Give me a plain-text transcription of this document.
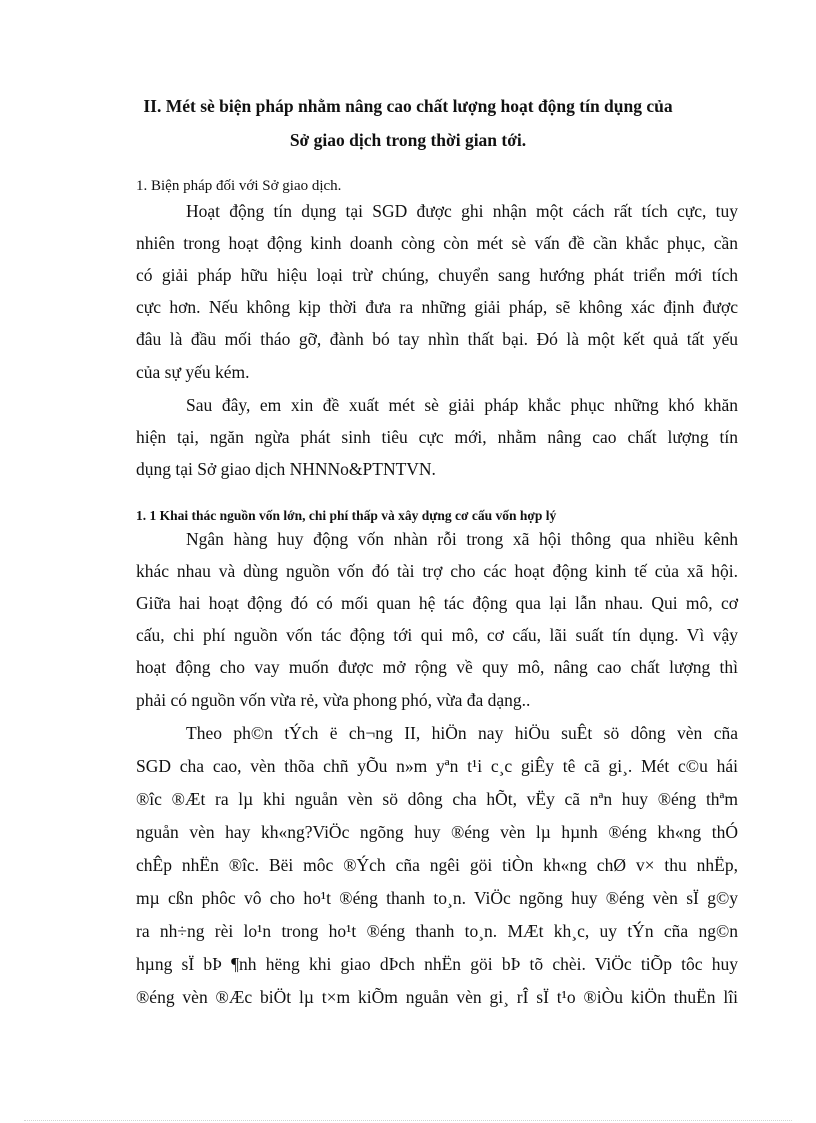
II. Mét sè biện pháp nhằm nâng cao chất lượng hoạt động tín dụng của
Sở giao dịch trong thời gian tới.
1. Biện pháp đối với Sở giao dịch.
Hoạt động tín dụng tại SGD được ghi nhận một cách rất tích cực, tuy
nhiên trong hoạt động kinh doanh còng còn mét sè vấn đề cần khắc phục, cần
có giải pháp hữu hiệu loại trừ chúng, chuyển sang hướng phát triển mới tích
cực hơn. Nếu không kịp thời đưa ra những giải pháp, sẽ không xác định được
đâu là đầu mối tháo gỡ, đành bó tay nhìn thất bại. Đó là một kết quả tất yếu
của sự yếu kém.
Sau đây, em xin đề xuất mét sè giải pháp khắc phục những khó khăn
hiện tại, ngăn ngừa phát sinh tiêu cực mới, nhằm nâng cao chất lượng tín
dụng tại Sở giao dịch NHNNo&PTNTVN.
1. 1 Khai thác nguồn vốn lớn, chi phí thấp và xây dựng cơ cấu vốn hợp lý
Ngân hàng huy động vốn nhàn rỗi trong xã hội thông qua nhiều kênh
khác nhau và dùng nguồn vốn đó tài trợ cho các hoạt động kinh tế của xã hội.
Giữa hai hoạt động đó có mối quan hệ tác động qua lại lẫn nhau. Qui mô, cơ
cấu, chi phí nguồn vốn tác động tới qui mô, cơ cấu, lãi suất tín dụng. Vì vậy
hoạt động cho vay muốn được mở rộng về quy mô, nâng cao chất lượng thì
phải có nguồn vốn vừa rẻ, vừa phong phó, vừa đa dạng..
Theo ph©n tÝch ë ch¬ng II, hiÖn nay hiÖu suÊt sö dông vèn cña
SGD cha cao, vèn thõa chñ yÕu n»m yªn t¹i c¸c giÊy tê cã gi¸. Mét c©u hái
®îc ®Æt ra lµ khi nguån vèn sö dông cha hÕt, vËy cã nªn huy ®éng thªm
nguån vèn hay kh«ng?ViÖc ngõng huy ®éng vèn lµ hµnh ®éng kh«ng thÓ
chÊp nhËn ®îc. Bëi môc ®Ých cña ngêi göi tiÒn kh«ng chØ v× thu nhËp,
mµ cßn phôc vô cho ho¹t ®éng thanh to¸n. ViÖc ngõng huy ®éng vèn sÏ g©y
ra nh÷ng rèi lo¹n trong ho¹t ®éng thanh to¸n. MÆt kh¸c, uy tÝn cña ng©n
hµng sÏ bÞ ¶nh hëng khi giao dÞch nhËn göi bÞ tõ chèi. ViÖc tiÕp tôc huy
®éng vèn ®Æc biÖt lµ t×m kiÕm nguån vèn gi¸ rÎ sÏ t¹o ®iÒu kiÖn thuËn lîi
